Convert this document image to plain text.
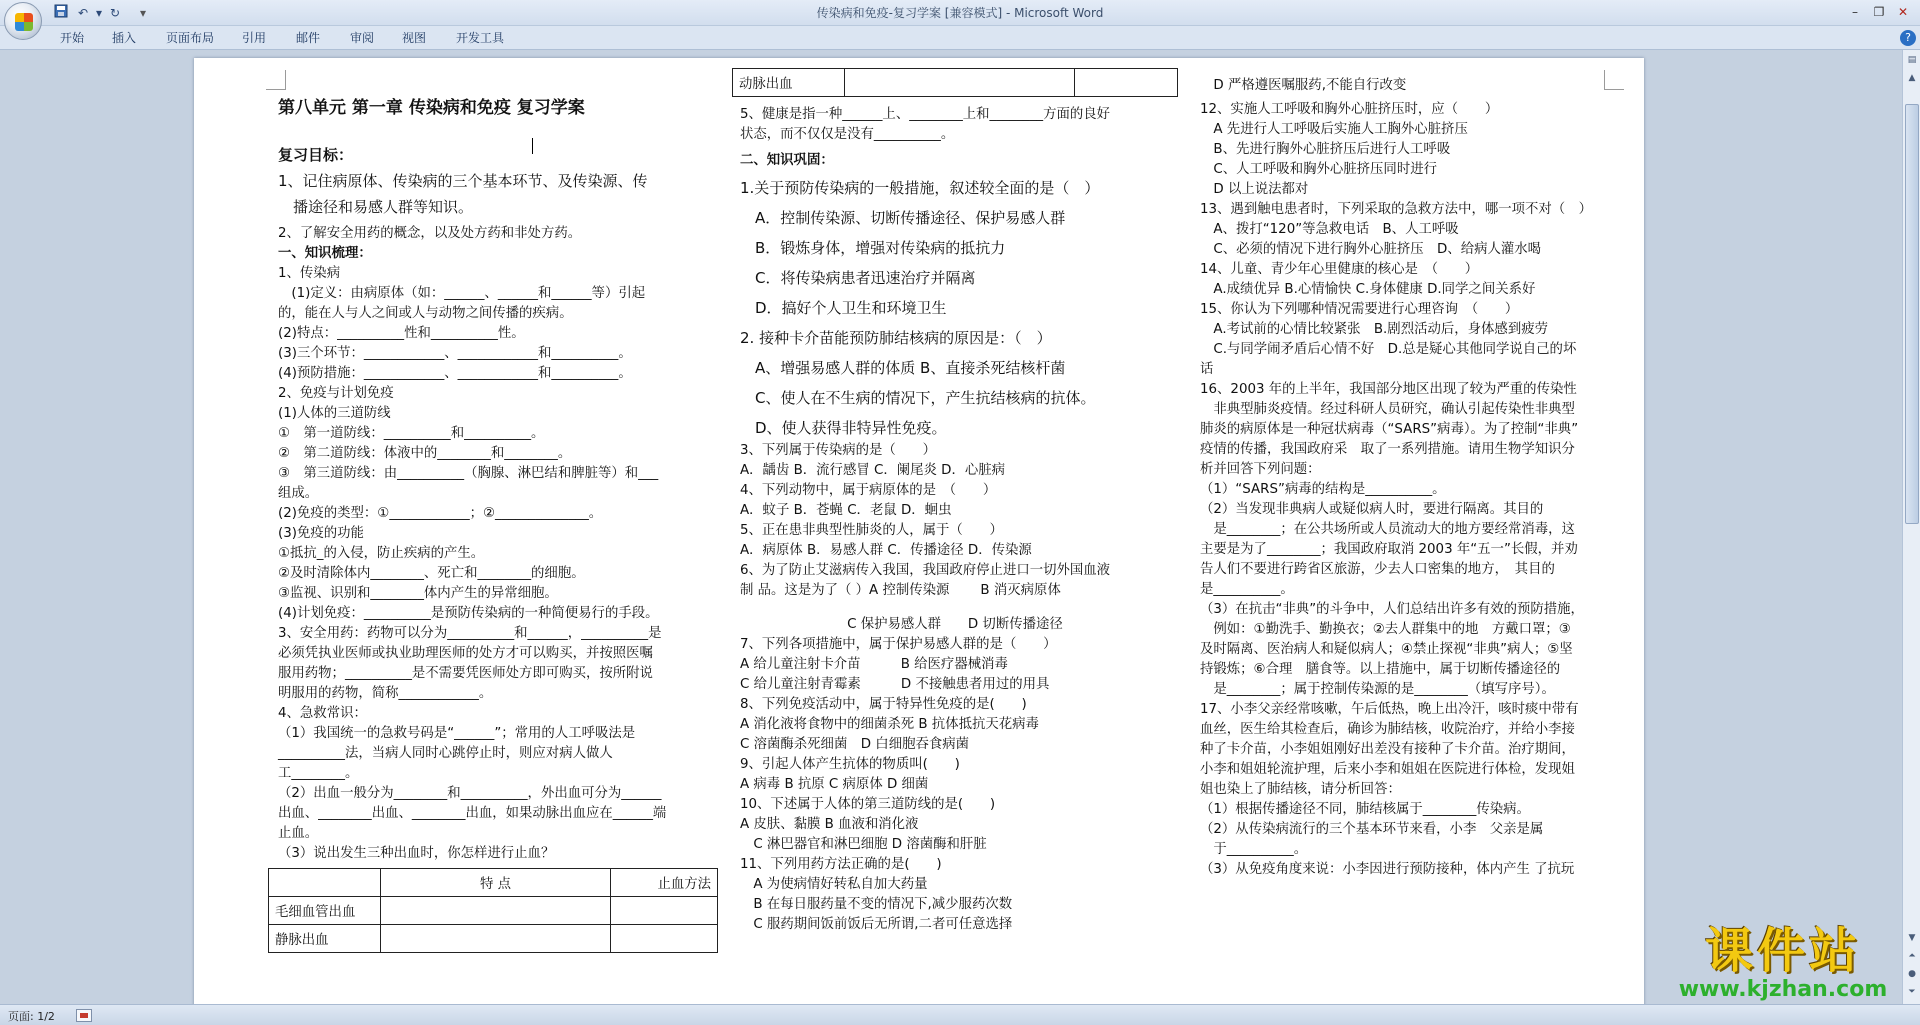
传染病和免疫-复习学案 [兼容模式] - Microsoft Word
↶ ▾ ↻	▾	–	❐	✕
开始 插入 页面布局 引用 邮件 审阅 视图 开发工具	?

第八单元 第一章 传染病和免疫 复习学案

复习目标：

1、记住病原体、传染病的三个基本环节、及传染源、传

　播途径和易感人群等知识。

2、了解安全用药的概念，以及处方药和非处方药。

一、知识梳理：

1、传染病

　(1)定义：由病原体（如：______、______和______等）引起

的，能在人与人之间或人与动物之间传播的疾病。

(2)特点：__________性和__________性。

(3)三个环节：____________、____________和__________。

(4)预防措施：____________、____________和__________。

2、免疫与计划免疫

(1)人体的三道防线

①　第一道防线：__________和__________。

②　第二道防线：体液中的________和________。

③　第三道防线：由__________（胸腺、淋巴结和脾脏等）和___

组成。

(2)免疫的类型：①____________；②______________。

(3)免疫的功能

①抵抗_的入侵，防止疾病的产生。

②及时清除体内________、死亡和________的细胞。

③监视、识别和________体内产生的异常细胞。

(4)计划免疫：__________是预防传染病的一种简便易行的手段。

3、安全用药：药物可以分为__________和______，__________是

必须凭执业医师或执业助理医师的处方才可以购买，并按照医嘱

服用药物；__________是不需要凭医师处方即可购买，按所附说

明服用的药物，简称____________。

4、急救常识：

（1）我国统一的急救号码是“______”；常用的人工呼吸法是

__________法，当病人同时心跳停止时，则应对病人做人

工________。

（2）出血一般分为________和__________，外出血可分为______

出血、________出血、________出血，如果动脉出血应在______端

止血。

（3）说出发生三种出血时，你怎样进行止血？

	特 点	止血方法
毛细血管出血		
静脉出血		
动脉出血		

5、健康是指一种______上、________上和________方面的良好

状态，而不仅仅是没有__________。

二、知识巩固：

1.关于预防传染病的一般措施，叙述较全面的是（　）

　A．控制传染源、切断传播途径、保护易感人群

　B．锻炼身体，增强对传染病的抵抗力

　C．将传染病患者迅速治疗并隔离

　D．搞好个人卫生和环境卫生

2. 接种卡介苗能预防肺结核病的原因是：（　）

　A、增强易感人群的体质 B、直接杀死结核杆菌

　C、使人在不生病的情况下，产生抗结核病的抗体。

　D、使人获得非特异性免疫。

3、下列属于传染病的是（　　）

A．龋齿 B．流行感冒 C．阑尾炎 D．心脏病

4、下列动物中，属于病原体的是　（　　）

A．蚊子 B．苍蝇 C．老鼠 D．蛔虫

5、正在患非典型性肺炎的人，属于（　　）

A．病原体 B．易感人群 C．传播途径 D．传染源

6、为了防止艾滋病传入我国，我国政府停止进口一切外国血液

制 品。这是为了（ ）A 控制传染源　　 B 消灭病原体

　　　　　　　　C 保护易感人群　　D 切断传播途径

7、下列各项措施中，属于保护易感人群的是（　　）

A 给儿童注射卡介苗　　　B 给医疗器械消毒

C 给儿童注射青霉素　　　D 不接触患者用过的用具

8、下列免疫活动中，属于特异性免疫的是(　　)

A 消化液将食物中的细菌杀死 B 抗体抵抗天花病毒

C 溶菌酶杀死细菌　D 白细胞吞食病菌

9、引起人体产生抗体的物质叫(　　)

A 病毒 B 抗原 C 病原体 D 细菌

10、下述属于人体的第三道防线的是(　　)

A 皮肤、黏膜 B 血液和消化液

　C 淋巴器官和淋巴细胞 D 溶菌酶和肝脏

11、下列用药方法正确的是(　　)

　A 为使病情好转私自加大药量

　B 在每日服药量不变的情况下,减少服药次数

　C 服药期间饭前饭后无所谓,二者可任意选择

　D 严格遵医嘱服药,不能自行改变

12、实施人工呼吸和胸外心脏挤压时，应（　　）

　A 先进行人工呼吸后实施人工胸外心脏挤压

　B、先进行胸外心脏挤压后进行人工呼吸

　C、人工呼吸和胸外心脏挤压同时进行

　D 以上说法都对

13、遇到触电患者时，下列采取的急救方法中，哪一项不对（　）

　A、拨打“120”等急救电话　B、人工呼吸

　C、必须的情况下进行胸外心脏挤压　D、给病人灌水喝

14、儿童、青少年心里健康的核心是　（　　）

　A.成绩优异 B.心情愉快 C.身体健康 D.同学之间关系好

15、你认为下列哪种情况需要进行心理咨询　（　　）

　A.考试前的心情比较紧张　B.剧烈活动后，身体感到疲劳

　C.与同学闹矛盾后心情不好　D.总是疑心其他同学说自己的坏

话

16、2003 年的上半年，我国部分地区出现了较为严重的传染性

　非典型肺炎疫情。经过科研人员研究，确认引起传染性非典型

肺炎的病原体是一种冠状病毒（“SARS”病毒）。为了控制“非典”

疫情的传播，我国政府采　取了一系列措施。请用生物学知识分

析并回答下列问题：

（1）“SARS”病毒的结构是__________。

（2）当发现非典病人或疑似病人时，要进行隔离。其目的

　是________；在公共场所或人员流动大的地方要经常消毒，这

主要是为了________；我国政府取消 2003 年“五一”长假，并劝

告人们不要进行跨省区旅游，少去人口密集的地方，　其目的

是__________。

（3）在抗击“非典”的斗争中，人们总结出许多有效的预防措施，

　例如：①勤洗手、勤换衣；②去人群集中的地　方戴口罩；③

及时隔离、医治病人和疑似病人；④禁止探视“非典”病人；⑤坚

持锻炼；⑥合理　膳食等。以上措施中，属于切断传播途径的

　是________；属于控制传染源的是________（填写序号）。

17、小李父亲经常咳嗽，午后低热，晚上出冷汗，咳时痰中带有

血丝，医生给其检查后，确诊为肺结核，收院治疗，并给小李接

种了卡介苗，小李姐姐刚好出差没有接种了卡介苗。治疗期间，

小李和姐姐轮流护理，后来小李和姐姐在医院进行体检，发现姐

姐也染上了肺结核，请分析回答：

（1）根据传播途径不同，肺结核属于________传染病。

（2）从传染病流行的三个基本环节来看，小李　父亲是属

　于__________。

（3）从免疫角度来说：小李因进行预防接种，体内产生 了抗玩

▤
▲
▼
⏶
●
⏷
页面: 1/2
课件站
www.kjzhan.com
